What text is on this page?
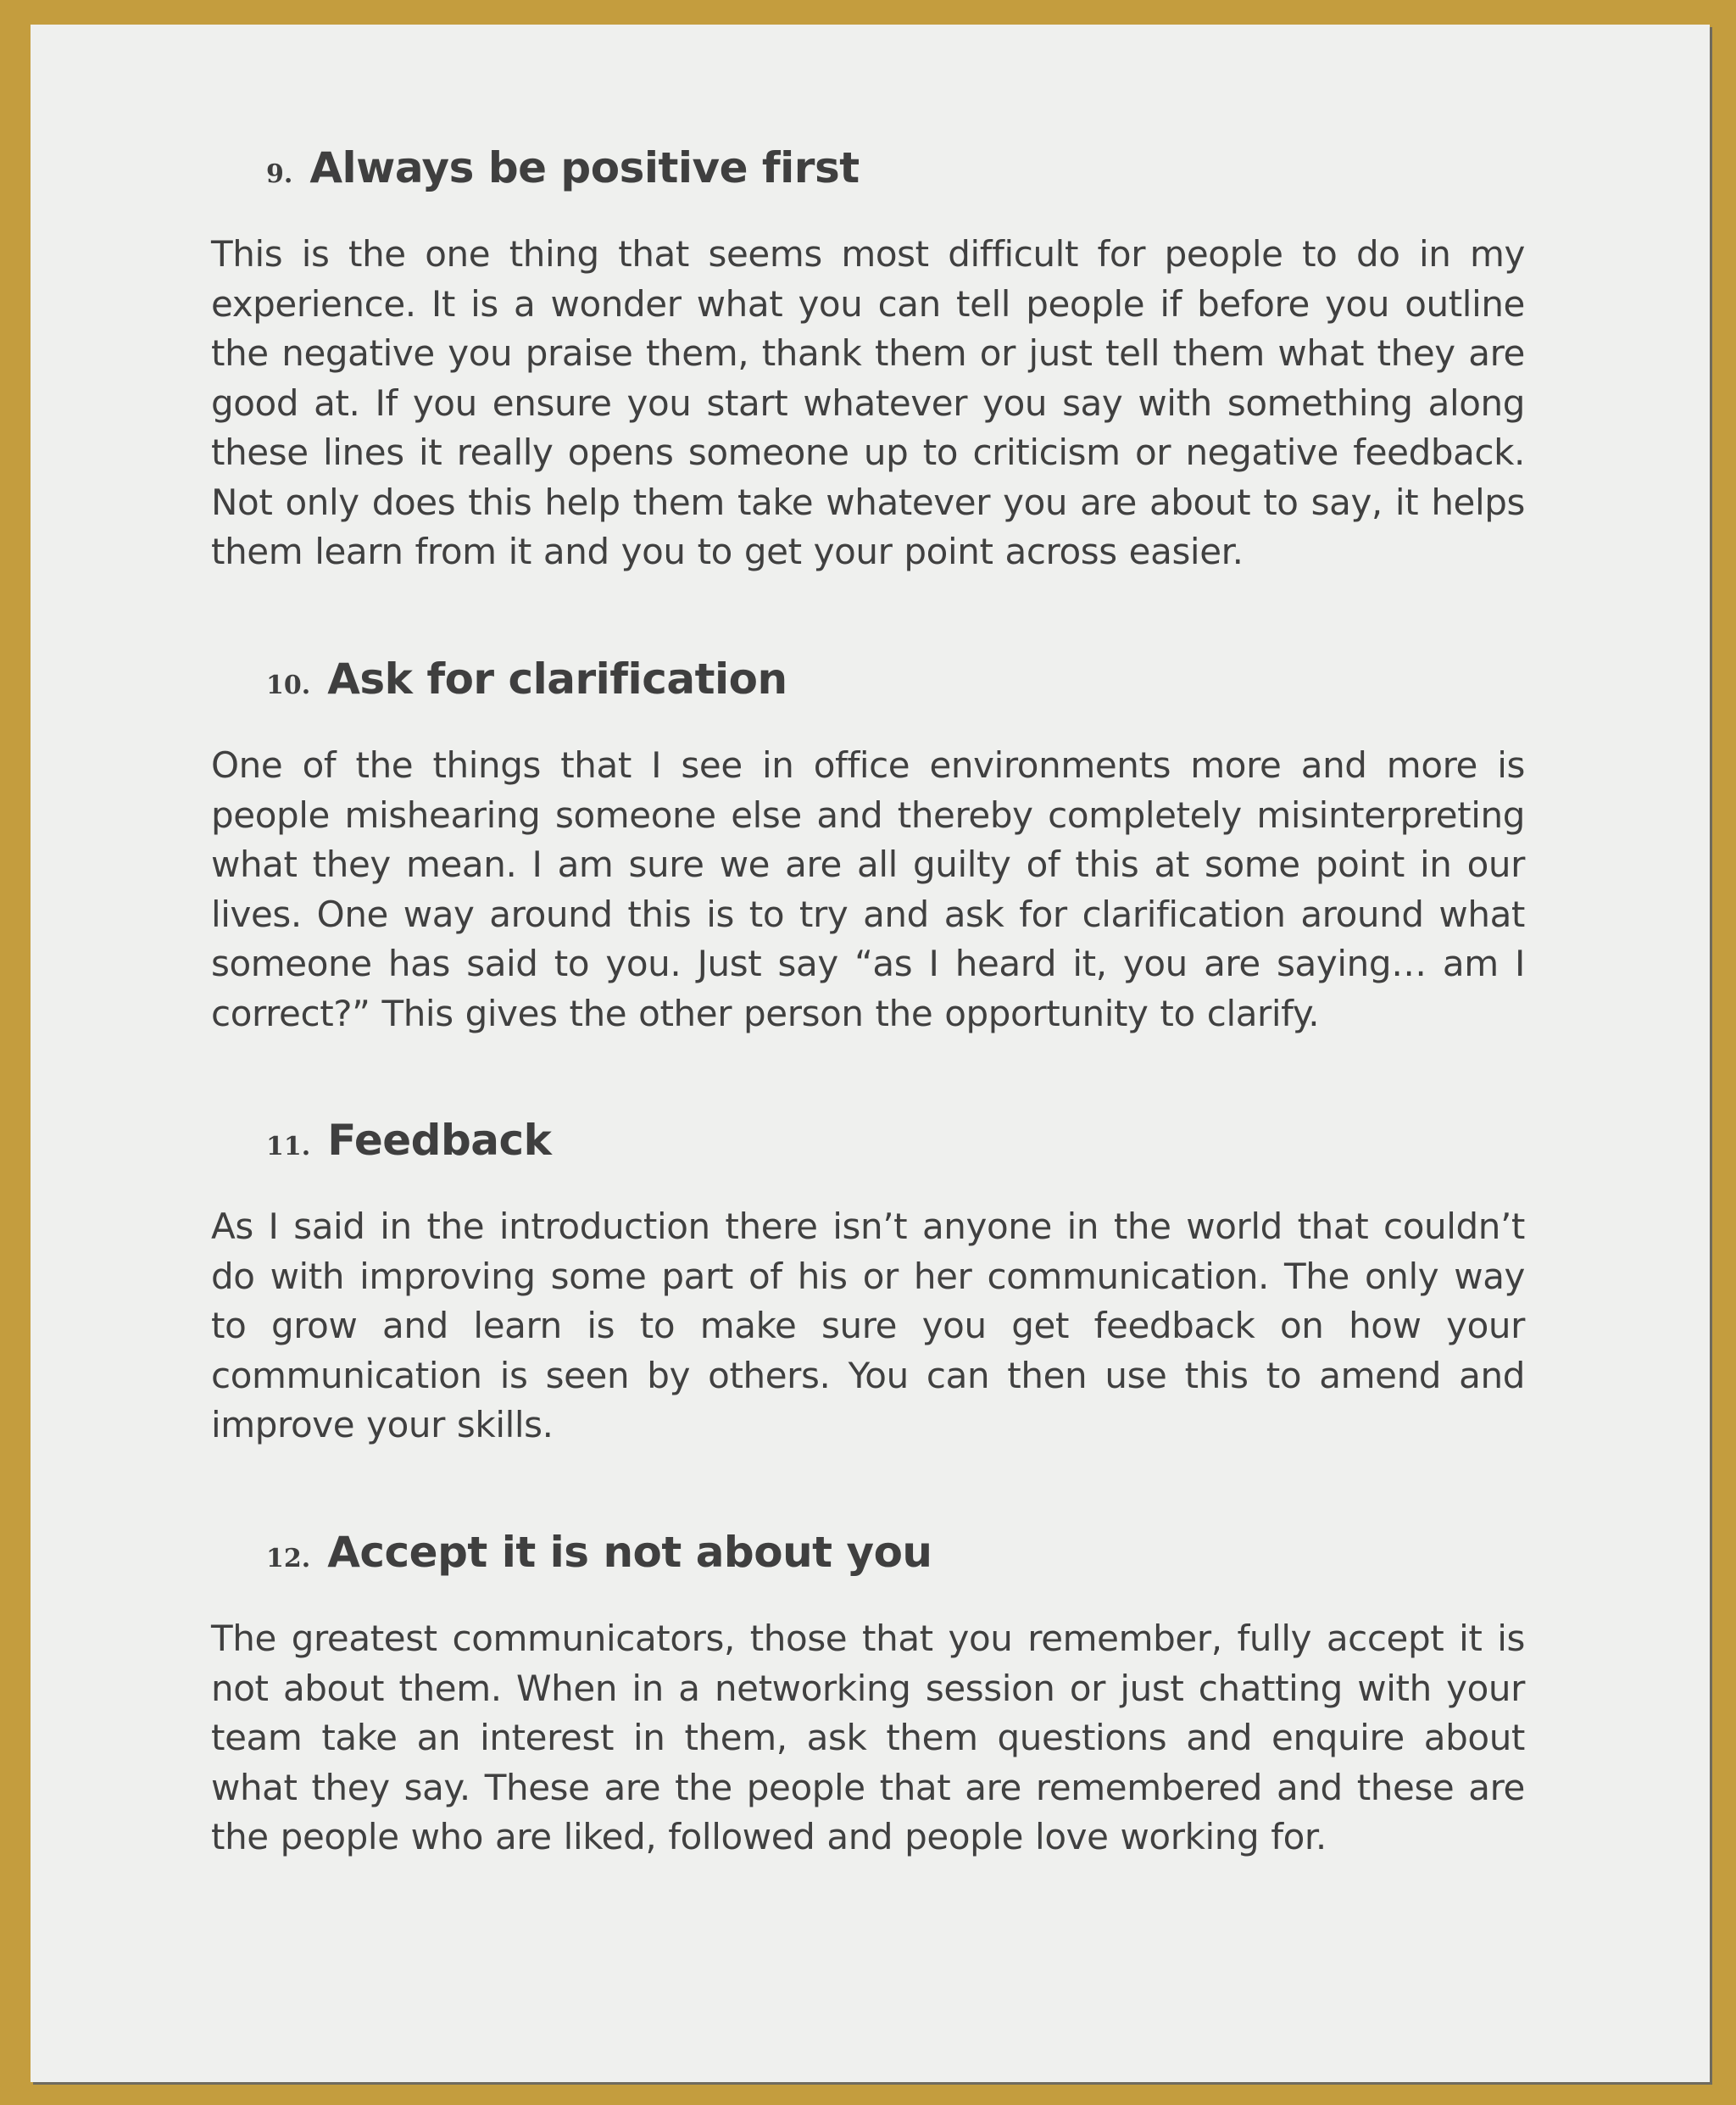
9. Always be positive first

This is the one thing that seems most difficult for people to do in my experience. It is a wonder what you can tell people if before you outline the negative you praise them, thank them or just tell them what they are good at. If you ensure you start whatever you say with something along these lines it really opens someone up to criticism or negative feedback. Not only does this help them take whatever you are about to say, it helps them learn from it and you to get your point across easier.

10. Ask for clarification

One of the things that I see in office environments more and more is people mishearing someone else and thereby completely misinterpreting what they mean. I am sure we are all guilty of this at some point in our lives. One way around this is to try and ask for clarification around what someone has said to you. Just say “as I heard it, you are saying… am I correct?” This gives the other person the opportunity to clarify.

11. Feedback

As I said in the introduction there isn’t anyone in the world that couldn’t do with improving some part of his or her communication. The only way to grow and learn is to make sure you get feedback on how your communication is seen by others. You can then use this to amend and improve your skills.

12. Accept it is not about you

The greatest communicators, those that you remember, fully accept it is not about them. When in a networking session or just chatting with your team take an interest in them, ask them questions and enquire about what they say. These are the people that are remembered and these are the people who are liked, followed and people love working for.
